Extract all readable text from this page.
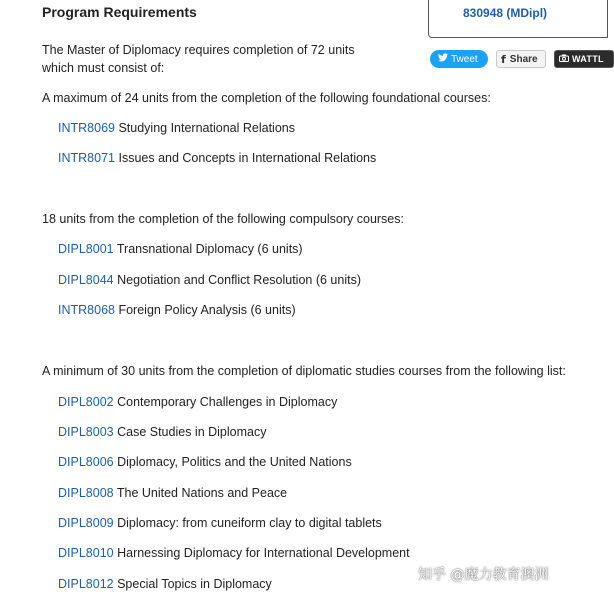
Program Requirements	830948 (MDipl)
The Master of Diplomacy requires completion of 72 units which must consist of:
Tweet f Share	WATTL
A maximum of 24 units from the completion of the following foundational courses:
INTR8069 Studying International Relations
INTR8071 Issues and Concepts in International Relations
18 units from the completion of the following compulsory courses:
DIPL8001 Transnational Diplomacy (6 units)
DIPL8044 Negotiation and Conflict Resolution (6 units)
INTR8068 Foreign Policy Analysis (6 units)
A minimum of 30 units from the completion of diplomatic studies courses from the following list:
DIPL8002 Contemporary Challenges in Diplomacy
DIPL8003 Case Studies in Diplomacy
DIPL8006 Diplomacy, Politics and the United Nations
DIPL8008 The United Nations and Peace
DIPL8009 Diplomacy: from cuneiform clay to digital tablets
DIPL8010 Harnessing Diplomacy for International Development
DIPL8012 Special Topics in Diplomacy
知乎 @魔力教育澳洲
